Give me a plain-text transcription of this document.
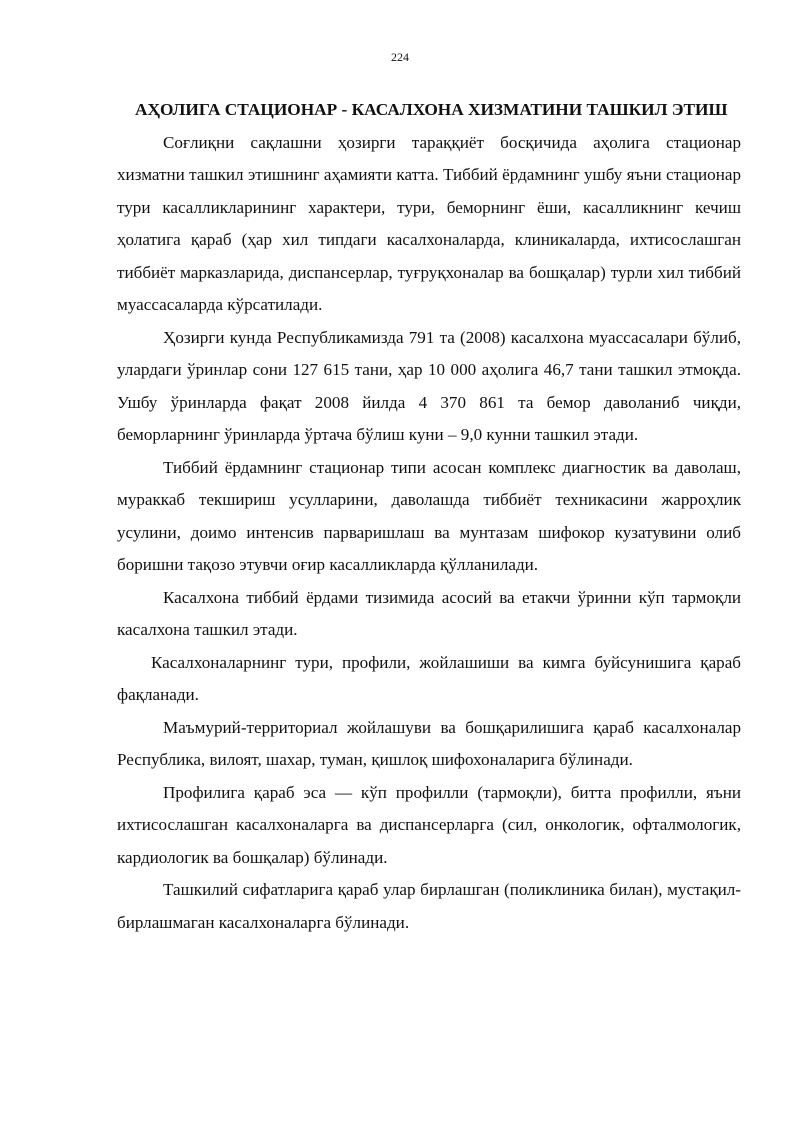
224
АҲОЛИГА СТАЦИОНАР - КАСАЛХОНА ХИЗМАТИНИ ТАШКИЛ ЭТИШ

Соғлиқни сақлашни ҳозирги тараққиёт босқичида аҳолига стационар хизматни ташкил этишнинг аҳамияти катта. Тиббий ёрдамнинг ушбу яъни стационар тури касалликларининг характери, тури, беморнинг ёши, касалликнинг кечиш ҳолатига қараб (ҳар хил типдаги касалхоналарда, клиникаларда, ихтисослашган тиббиёт марказларида, диспансерлар, туғруқхоналар ва бошқалар) турли хил тиббий муассасаларда кўрсатилади.

Ҳозирги кунда Республикамизда 791 та (2008) касалхона муассасалари бўлиб, улардаги ўринлар сони 127 615 тани, ҳар 10 000 аҳолига 46,7 тани ташкил этмоқда. Ушбу ўринларда фақат 2008 йилда 4 370 861 та бемор даволаниб чиқди, беморларнинг ўринларда ўртача бўлиш куни – 9,0 кунни ташкил этади.

Тиббий ёрдамнинг стационар типи асосан комплекс диагностик ва даволаш, мураккаб текшириш усулларини, даволашда тиббиёт техникасини жарроҳлик усулини, доимо интенсив парваришлаш ва мунтазам шифокор кузатувини олиб боришни тақозо этувчи оғир касалликларда қўлланилади.

Касалхона тиббий ёрдами тизимида асосий ва етакчи ўринни кўп тармоқли касалхона ташкил этади.

Касалхоналарнинг тури, профили, жойлашиши ва кимга буйсунишига қараб фақланади.

Маъмурий-территориал жойлашуви ва бошқарилишига қараб касалхоналар Республика, вилоят, шахар, туман, қишлоқ шифохоналарига бўлинади.

Профилига қараб эса — кўп профилли (тармоқли), битта профилли, яъни ихтисослашган касалхоналарга ва диспансерларга (сил, онкологик, офталмологик, кардиологик ва бошқалар) бўлинади.

Ташкилий сифатларига қараб улар бирлашган (поликлиника билан), мустақил-бирлашмаган касалхоналарга бўлинади.
